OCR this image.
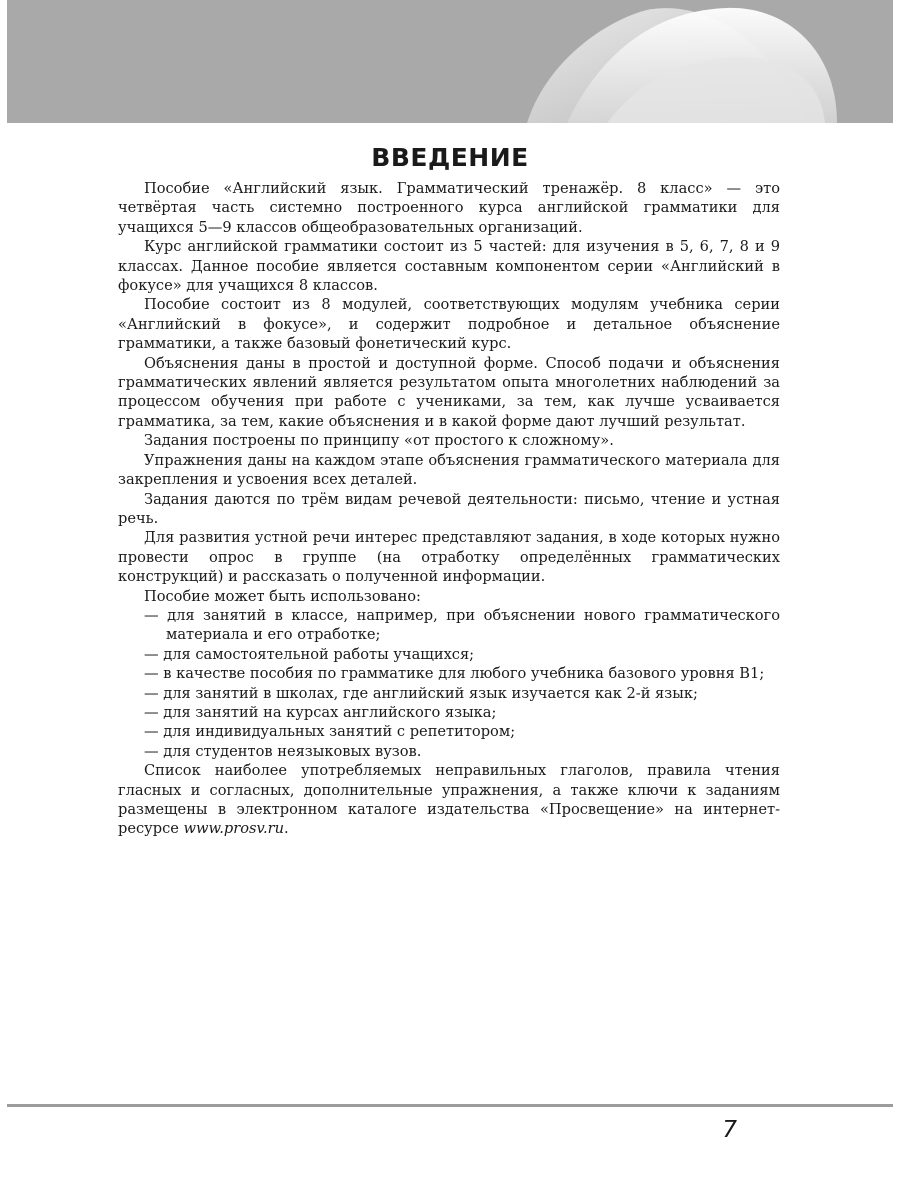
ВВЕДЕНИЕ

Пособие «Английский язык. Грамматический тренажёр. 8 класс» — это четвёртая часть системно построенного курса английской грамматики для учащихся 5—9 классов общеобразовательных организаций.

Курс английской грамматики состоит из 5 частей: для изучения в 5, 6, 7, 8 и 9 классах. Данное пособие является составным компонентом серии «Английский в фокусе» для учащихся 8 классов.

Пособие состоит из 8 модулей, соответствующих модулям учебника серии «Английский в фокусе», и содержит подробное и детальное объяснение грамматики, а также базовый фонетический курс.

Объяснения даны в простой и доступной форме. Способ подачи и объяснения грамматических явлений является результатом опыта многолетних наблюдений за процессом обучения при работе с учениками, за тем, как лучше усваивается грамматика, за тем, какие объяснения и в какой форме дают лучший результат.

Задания построены по принципу «от простого к сложному».

Упражнения даны на каждом этапе объяснения грамматического материала для закрепления и усвоения всех деталей.

Задания даются по трём видам речевой деятельности: письмо, чтение и устная речь.

Для развития устной речи интерес представляют задания, в ходе которых нужно провести опрос в группе (на отработку определённых грамматических конструкций) и рассказать о полученной информации.

Пособие может быть использовано:

— для занятий в классе, например, при объяснении нового грамматического материала и его отработке;
— для самостоятельной работы учащихся;
— в качестве пособия по грамматике для любого учебника базового уровня B1;
— для занятий в школах, где английский язык изучается как 2-й язык;
— для занятий на курсах английского языка;
— для индивидуальных занятий с репетитором;
— для студентов неязыковых вузов.

Список наиболее употребляемых неправильных глаголов, правила чтения гласных и согласных, дополнительные упражнения, а также ключи к заданиям размещены в электронном каталоге издательства «Просвещение» на интернет-ресурсе www.prosv.ru.

7
